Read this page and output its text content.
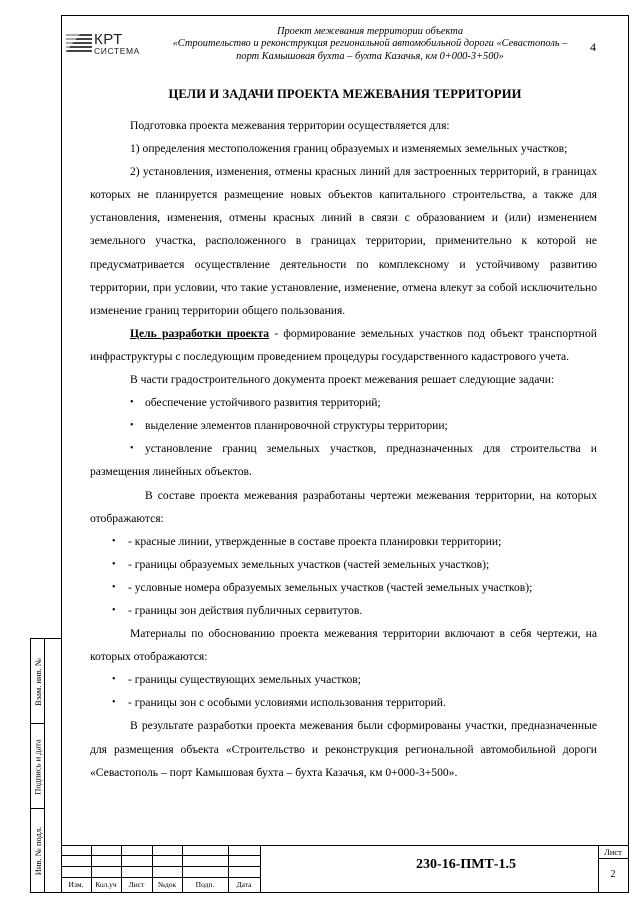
Взам. инв. №
Подпись и дата
Инв. № подл.
КРТ
СИСТЕМА
Проект межевания территории объекта
«Строительство и реконструкция региональной автомобильной дороги «Севастополь –
порт Камышовая бухта – бухта Казачья, км 0+000-3+500»
4
ЦЕЛИ И ЗАДАЧИ ПРОЕКТА МЕЖЕВАНИЯ ТЕРРИТОРИИ

Подготовка проекта межевания территории осуществляется для:

1) определения местоположения границ образуемых и изменяемых земельных участков;

2) установления, изменения, отмены красных линий для застроенных территорий, в границах которых не планируется размещение новых объектов капитального строительства, а также для установления, изменения, отмены красных линий в связи с образованием и (или) изменением земельного участка, расположенного в границах территории, применительно к которой не предусматривается осуществление деятельности по комплексному и устойчивому развитию территории, при условии, что такие установление, изменение, отмена влекут за собой исключительно изменение границ территории общего пользования.

Цель разработки проекта - формирование земельных участков под объект транспортной инфраструктуры с последующим проведением процедуры государственного кадастрового учета.

В части градостроительного документа проект межевания решает следующие задачи:

• обеспечение устойчивого развития территорий;

• выделение элементов планировочной структуры территории;

• установление границ земельных участков, предназначенных для строительства и размещения линейных объектов.

В составе проекта межевания разработаны чертежи межевания территории, на которых отображаются:

• - красные линии, утвержденные в составе проекта планировки территории;

• - границы образуемых земельных участков (частей земельных участков);

• - условные номера образуемых земельных участков (частей земельных участков);

• - границы зон действия публичных сервитутов.

Материалы по обоснованию проекта межевания территории включают в себя чертежи, на которых отображаются:

• - границы существующих земельных участков;

• - границы зон с особыми условиями использования территорий.

В результате разработки проекта межевания были сформированы участки, предназначенные для размещения объекта «Строительство и реконструкция региональной автомобильной дороги «Севастополь – порт Камышовая бухта – бухта Казачья, км 0+000-3+500».

Изм.	Кол.уч	Лист	№док	Подп.	Дата
230-16-ПМТ-1.5
Лист
2
